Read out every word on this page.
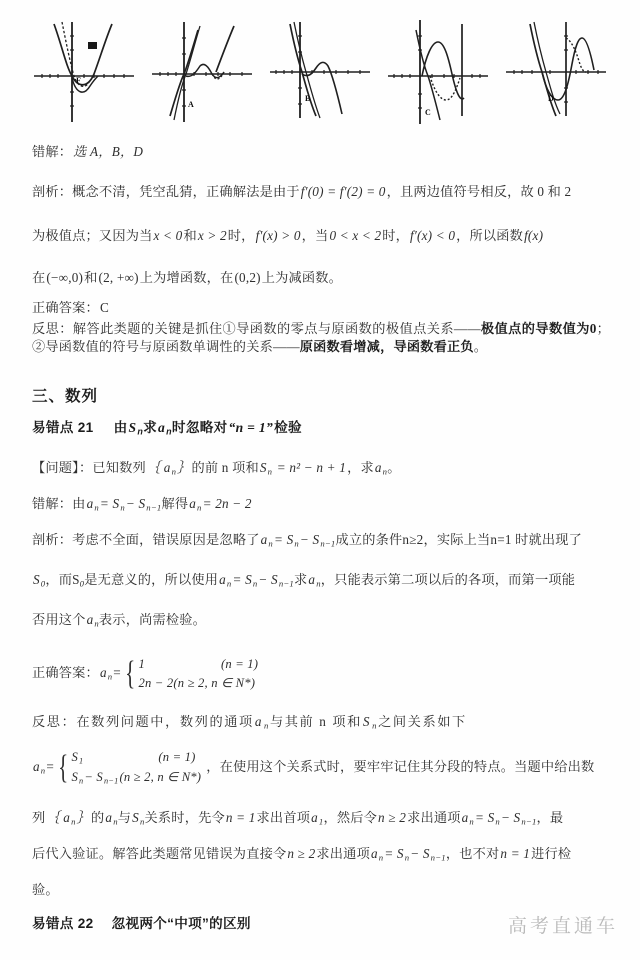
F
A
B
C
D
错解：选 A，B，D
剖析：概念不清，凭空乱猜，正确解法是由于f′(0) = f′(2) = 0，且两边值符号相反，故 0 和 2
为极值点；又因为当x < 0和x > 2时，f′(x) > 0，当0 < x < 2时，f′(x) < 0，所以函数f(x)
在(−∞,0)和(2, +∞)上为增函数，在(0,2)上为减函数。
正确答案：C
反思：解答此类题的关键是抓住①导函数的零点与原函数的极值点关系——极值点的导数值为0；②导函数值的符号与原函数单调性的关系——原函数看增减，导函数看正负。
三、数列
易错点 21 由$S_n$求$a_n$时忽略对“n = 1”检验
【问题】：已知数列｛ $a_n\}$的前 n 项和$S_n = n^2 - n + 1$，求$a_n$。
错解：由$a_n= S_n- S_{n-1}$解得$a_n= 2n - 2$
剖析：考虑不全面，错误原因是忽略了$a_n= S_n- S_{n-1}$成立的条件n≥2，实际上当n=1 时就出现了
$S_0$，而$S_0$是无意义的，所以使用$a_n= S_n- S_{n-1}$求$a_n$，只能表示第二项以后的各项，而第一项能
否用这个$a_n$表示，尚需检验。
正确答案：$a_n=$ { 1	(n = 1)
2n − 2(n ≥ 2, n ∈ N*)
反思：在数列问题中，数列的通项$a_n$与其前 n 项和$S_n$之间关系如下
$a_n=$ { $S_1$	(n = 1)
$S_n- S_{n-1}(n \ge 2$, n ∈ N*)
，在使用这个关系式时，要牢牢记住其分段的特点。当题中给出数
列｛ $a_n\}$的$a_n$与$S_n$关系时，先令n = 1求出首项$a_1$，然后令n ≥ 2求出通项$a_n= S_n- S_{n-1}$，最
后代入验证。解答此类题常见错误为直接令n ≥ 2求出通项$a_n= S_n- S_{n-1}$，也不对n = 1进行检
验。
易错点 22 忽视两个“中项”的区别	高考直通车
